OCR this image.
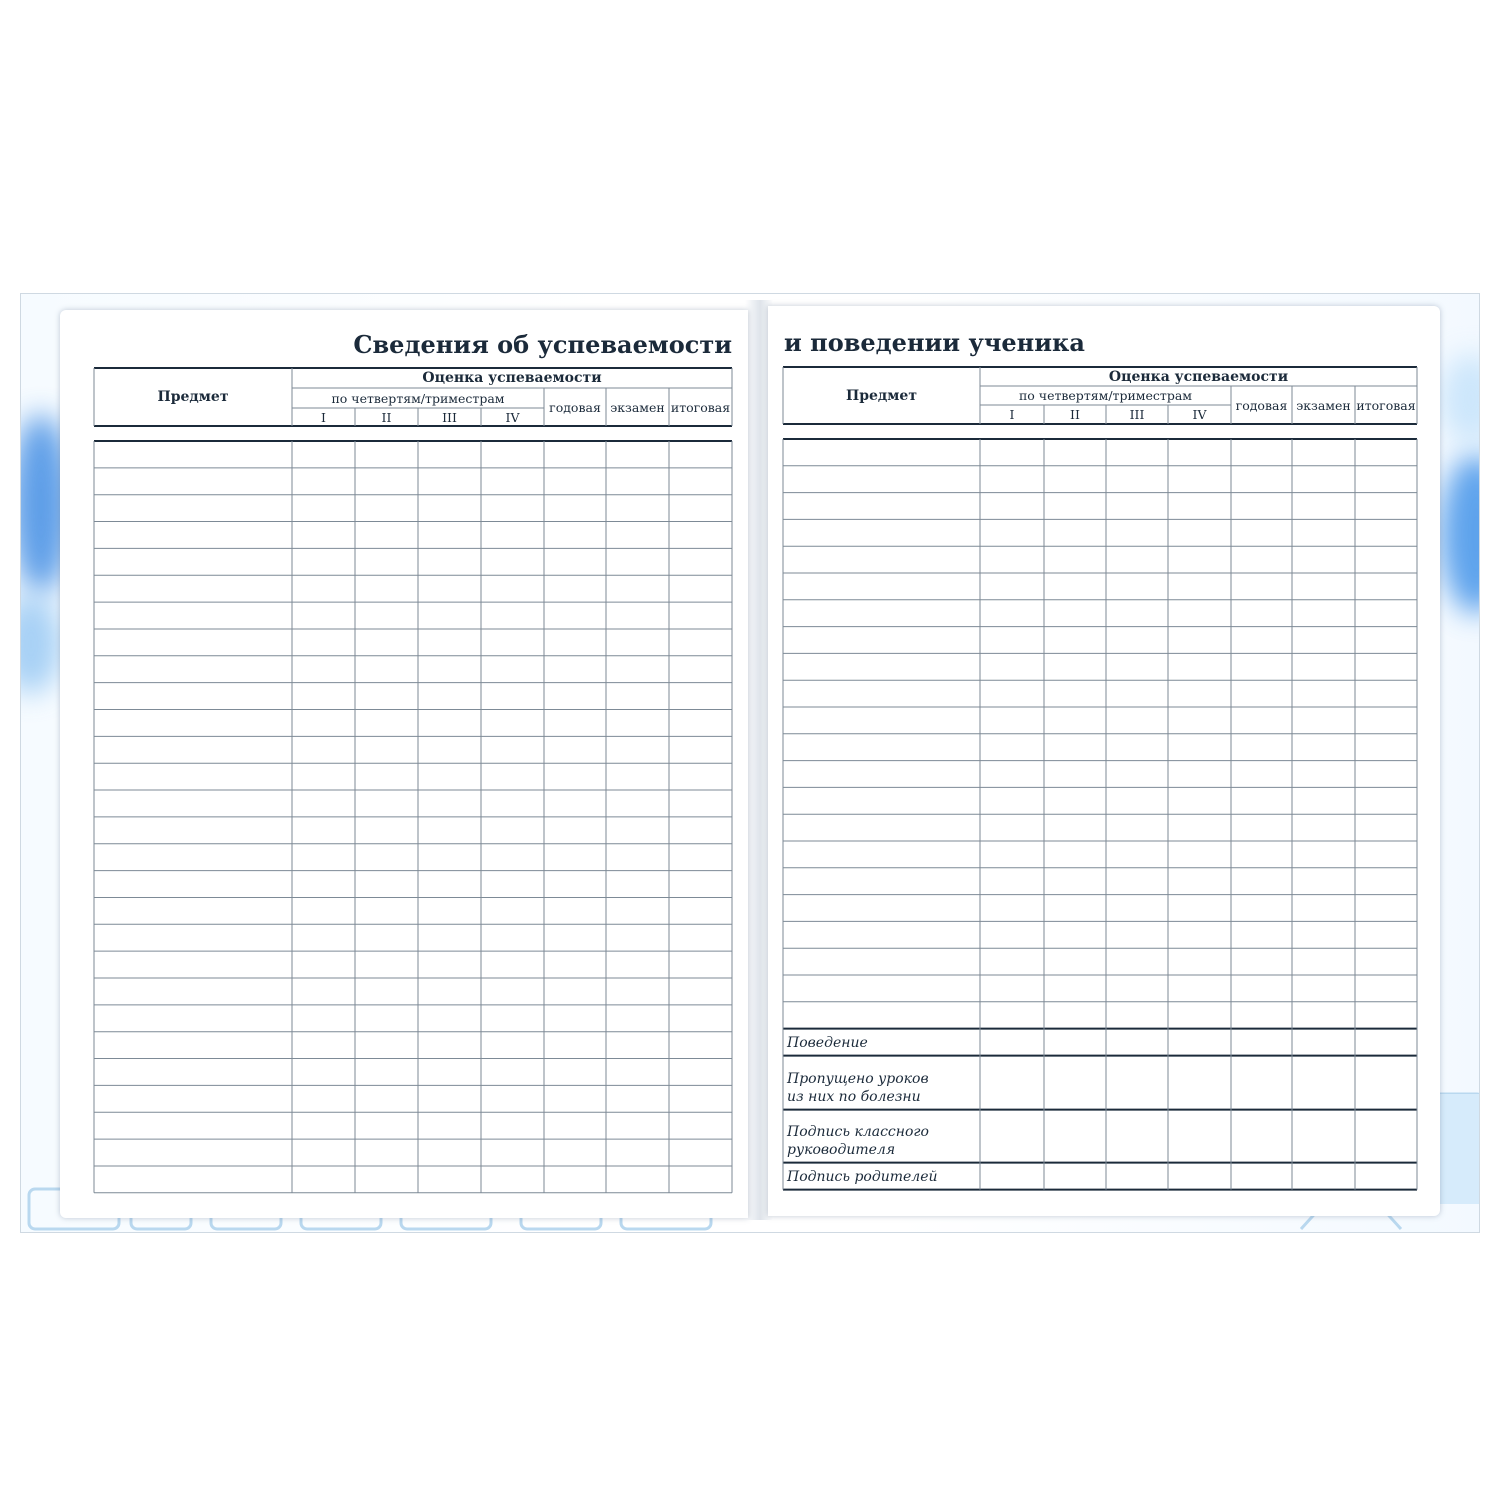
Сведения об успеваемости
Предмет
Оценка успеваемости
по четвертям/триместрам
I	II	III	IV
годовая экзамен итоговая
и поведении ученика
Предмет
Оценка успеваемости
по четвертям/триместрам
I	II	III	IV
годовая экзамен итоговая
Поведение
Пропущено уроков
из них по болезни
Подпись классного
руководителя
Подпись родителей
